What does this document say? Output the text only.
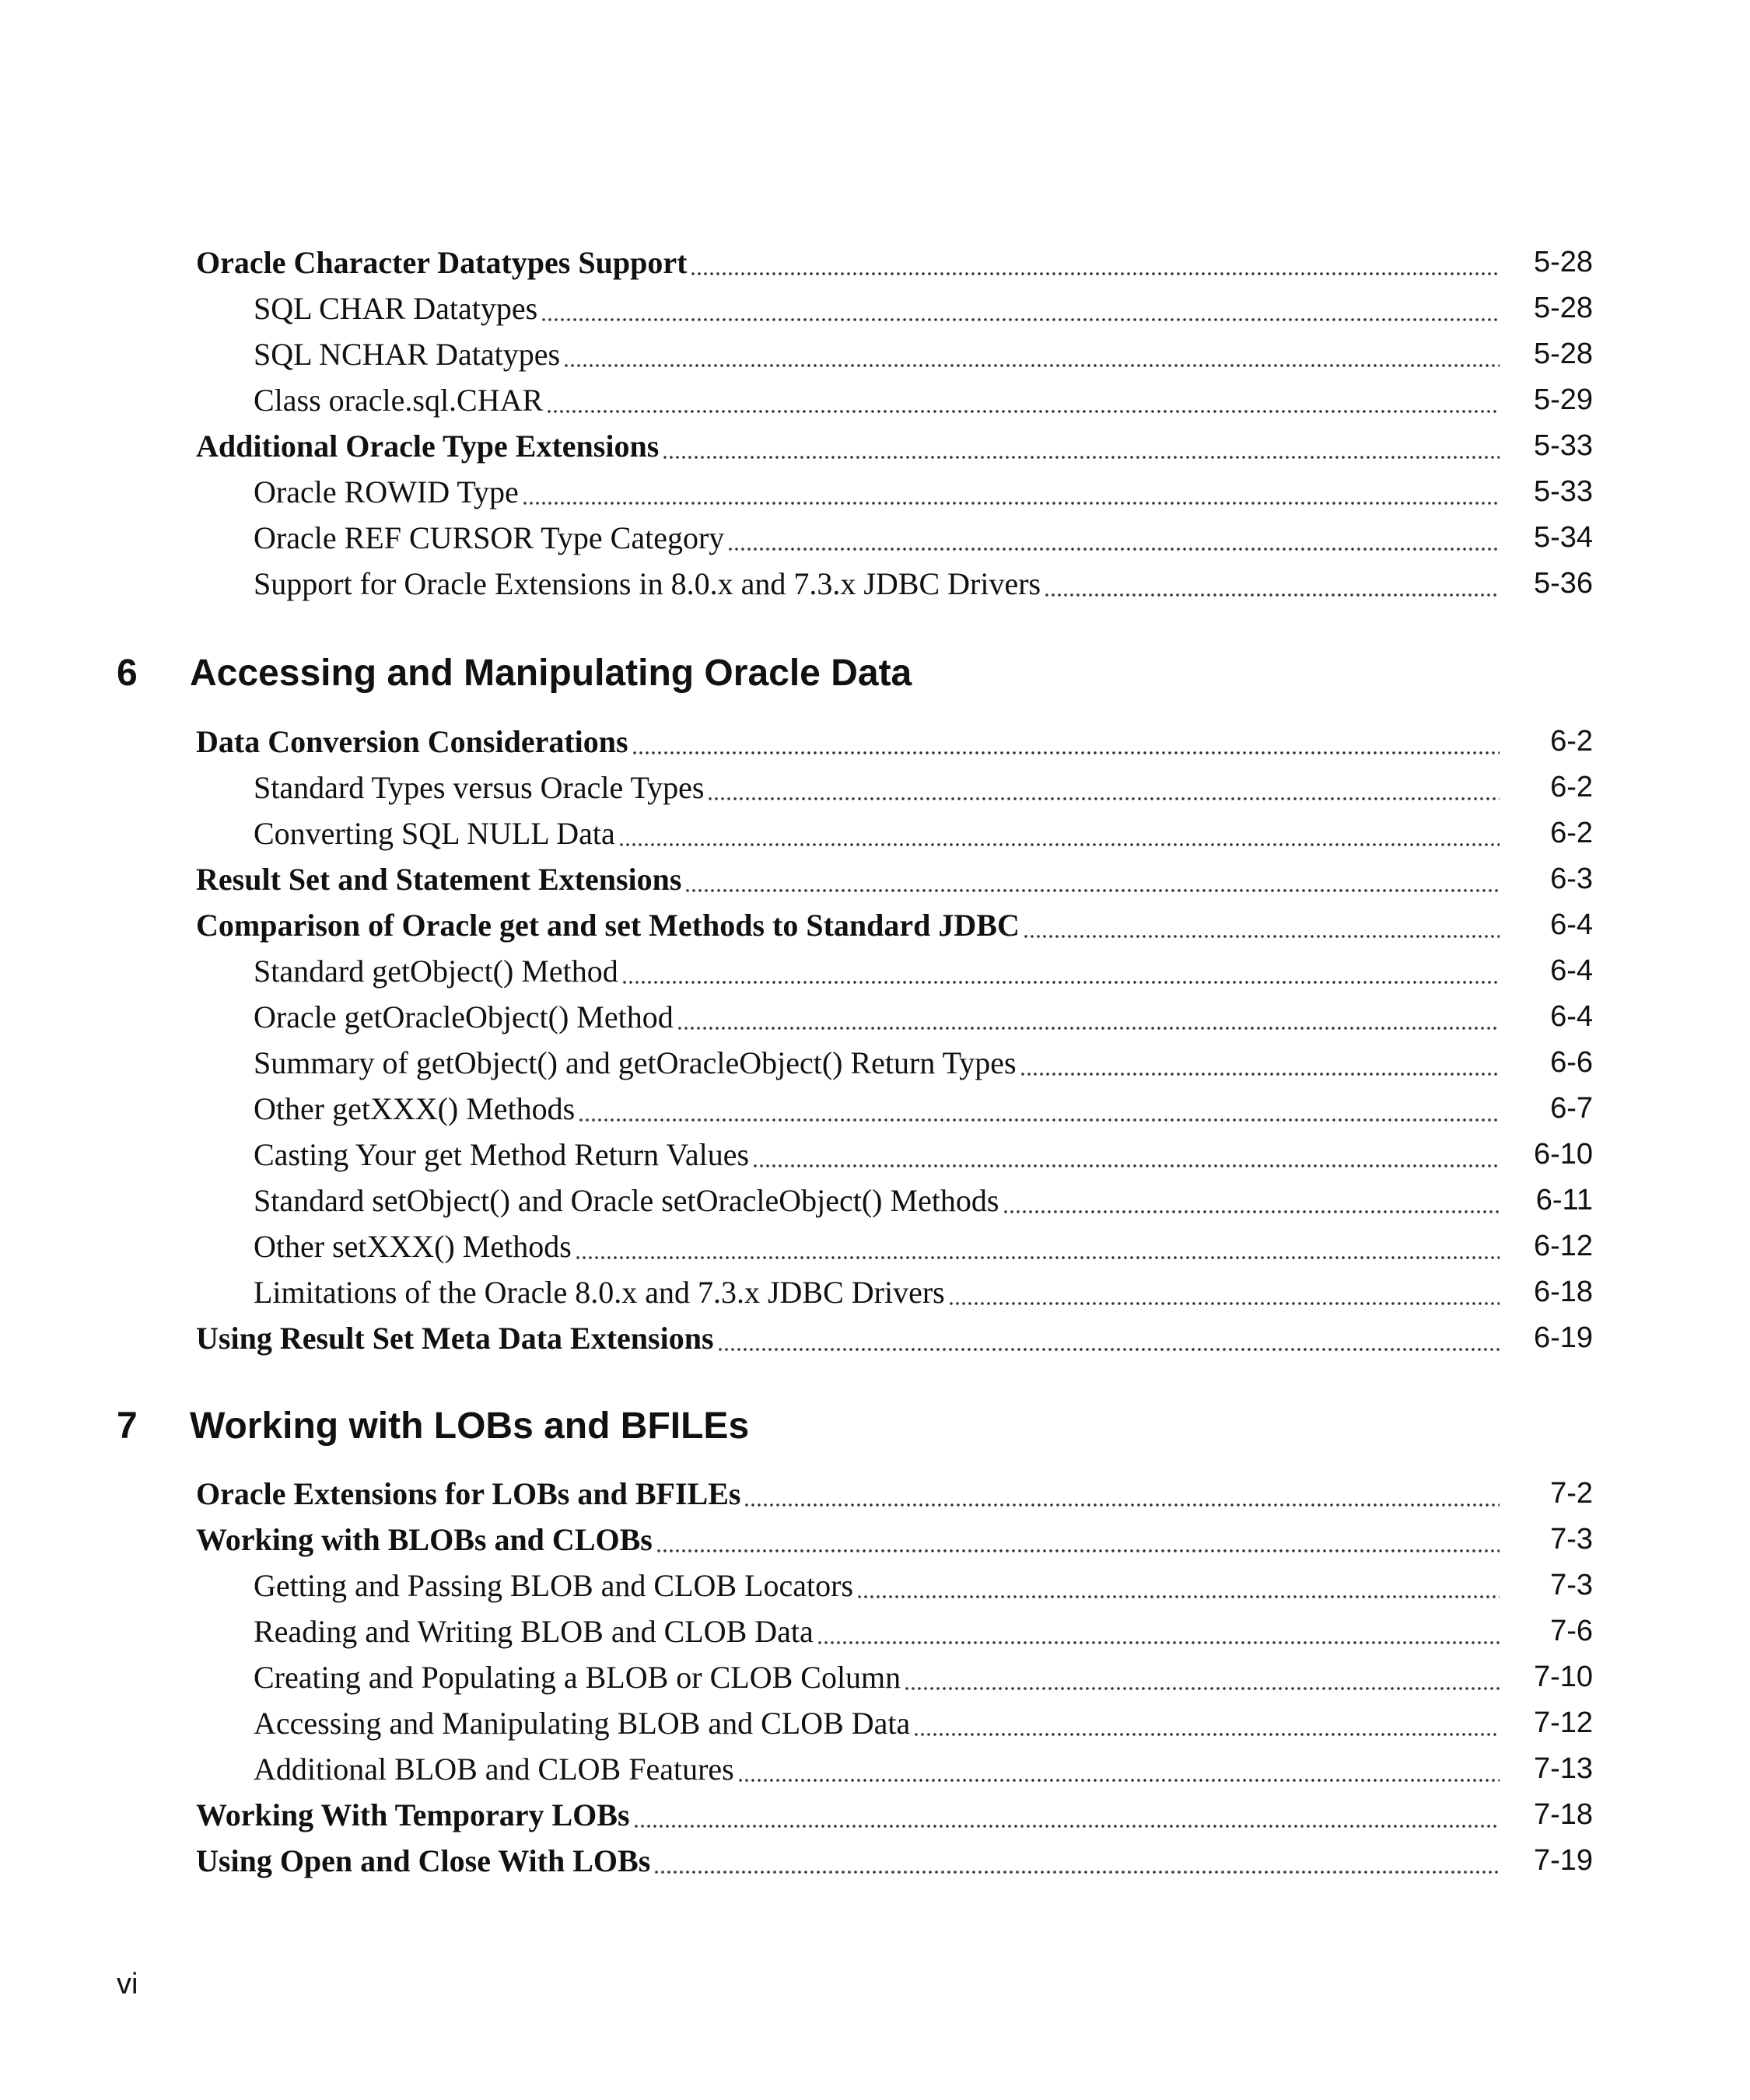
Oracle Character Datatypes Support	5-28
SQL CHAR Datatypes	5-28
SQL NCHAR Datatypes	5-28
Class oracle.sql.CHAR	5-29
Additional Oracle Type Extensions	5-33
Oracle ROWID Type	5-33
Oracle REF CURSOR Type Category	5-34
Support for Oracle Extensions in 8.0.x and 7.3.x JDBC Drivers	5-36
6	Accessing and Manipulating Oracle Data
Data Conversion Considerations	6-2
Standard Types versus Oracle Types	6-2
Converting SQL NULL Data	6-2
Result Set and Statement Extensions	6-3
Comparison of Oracle get and set Methods to Standard JDBC	6-4
Standard getObject() Method	6-4
Oracle getOracleObject() Method	6-4
Summary of getObject() and getOracleObject() Return Types	6-6
Other getXXX() Methods	6-7
Casting Your get Method Return Values	6-10
Standard setObject() and Oracle setOracleObject() Methods	6-11
Other setXXX() Methods	6-12
Limitations of the Oracle 8.0.x and 7.3.x JDBC Drivers	6-18
Using Result Set Meta Data Extensions	6-19
7	Working with LOBs and BFILEs
Oracle Extensions for LOBs and BFILEs	7-2
Working with BLOBs and CLOBs	7-3
Getting and Passing BLOB and CLOB Locators	7-3
Reading and Writing BLOB and CLOB Data	7-6
Creating and Populating a BLOB or CLOB Column	7-10
Accessing and Manipulating BLOB and CLOB Data	7-12
Additional BLOB and CLOB Features	7-13
Working With Temporary LOBs	7-18
Using Open and Close With LOBs	7-19
vi
